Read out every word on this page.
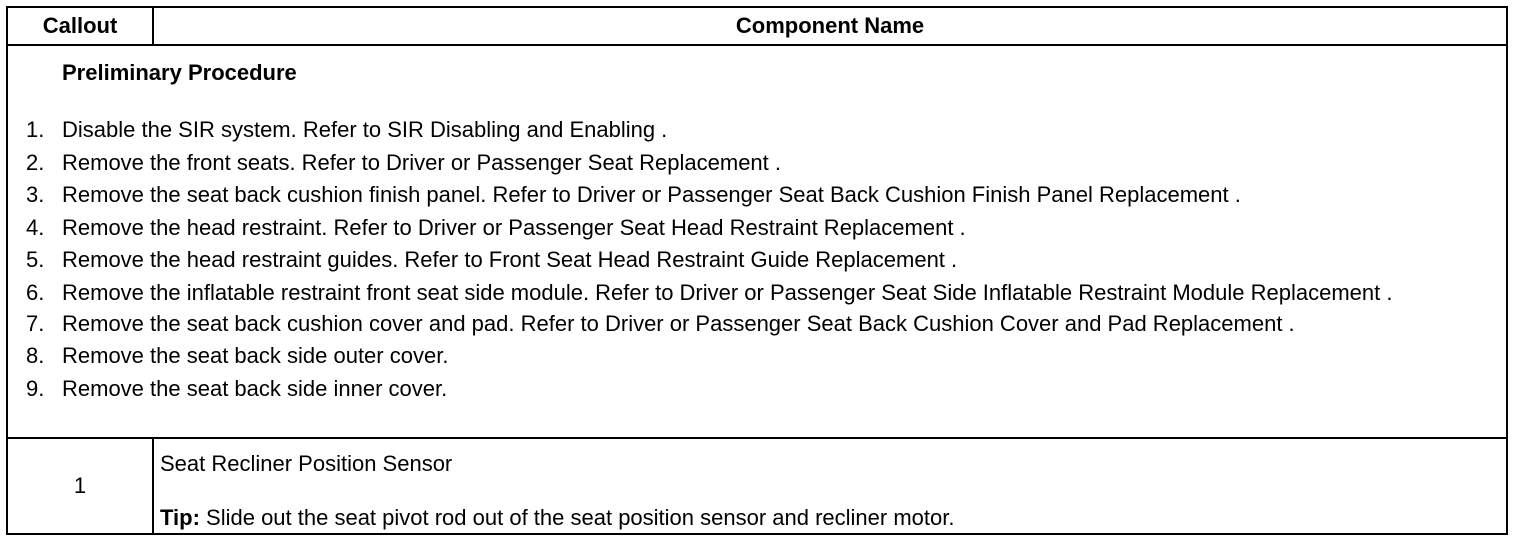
Callout	Component Name
Preliminary Procedure
1. Disable the SIR system. Refer to SIR Disabling and Enabling .
2. Remove the front seats. Refer to Driver or Passenger Seat Replacement .
3. Remove the seat back cushion finish panel. Refer to Driver or Passenger Seat Back Cushion Finish Panel Replacement .
4. Remove the head restraint. Refer to Driver or Passenger Seat Head Restraint Replacement .
5. Remove the head restraint guides. Refer to Front Seat Head Restraint Guide Replacement .
6. Remove the inflatable restraint front seat side module. Refer to Driver or Passenger Seat Side Inflatable Restraint Module Replacement .
7. Remove the seat back cushion cover and pad. Refer to Driver or Passenger Seat Back Cushion Cover and Pad Replacement .
8. Remove the seat back side outer cover.
9. Remove the seat back side inner cover.
1
Seat Recliner Position Sensor
Tip: Slide out the seat pivot rod out of the seat position sensor and recliner motor.
